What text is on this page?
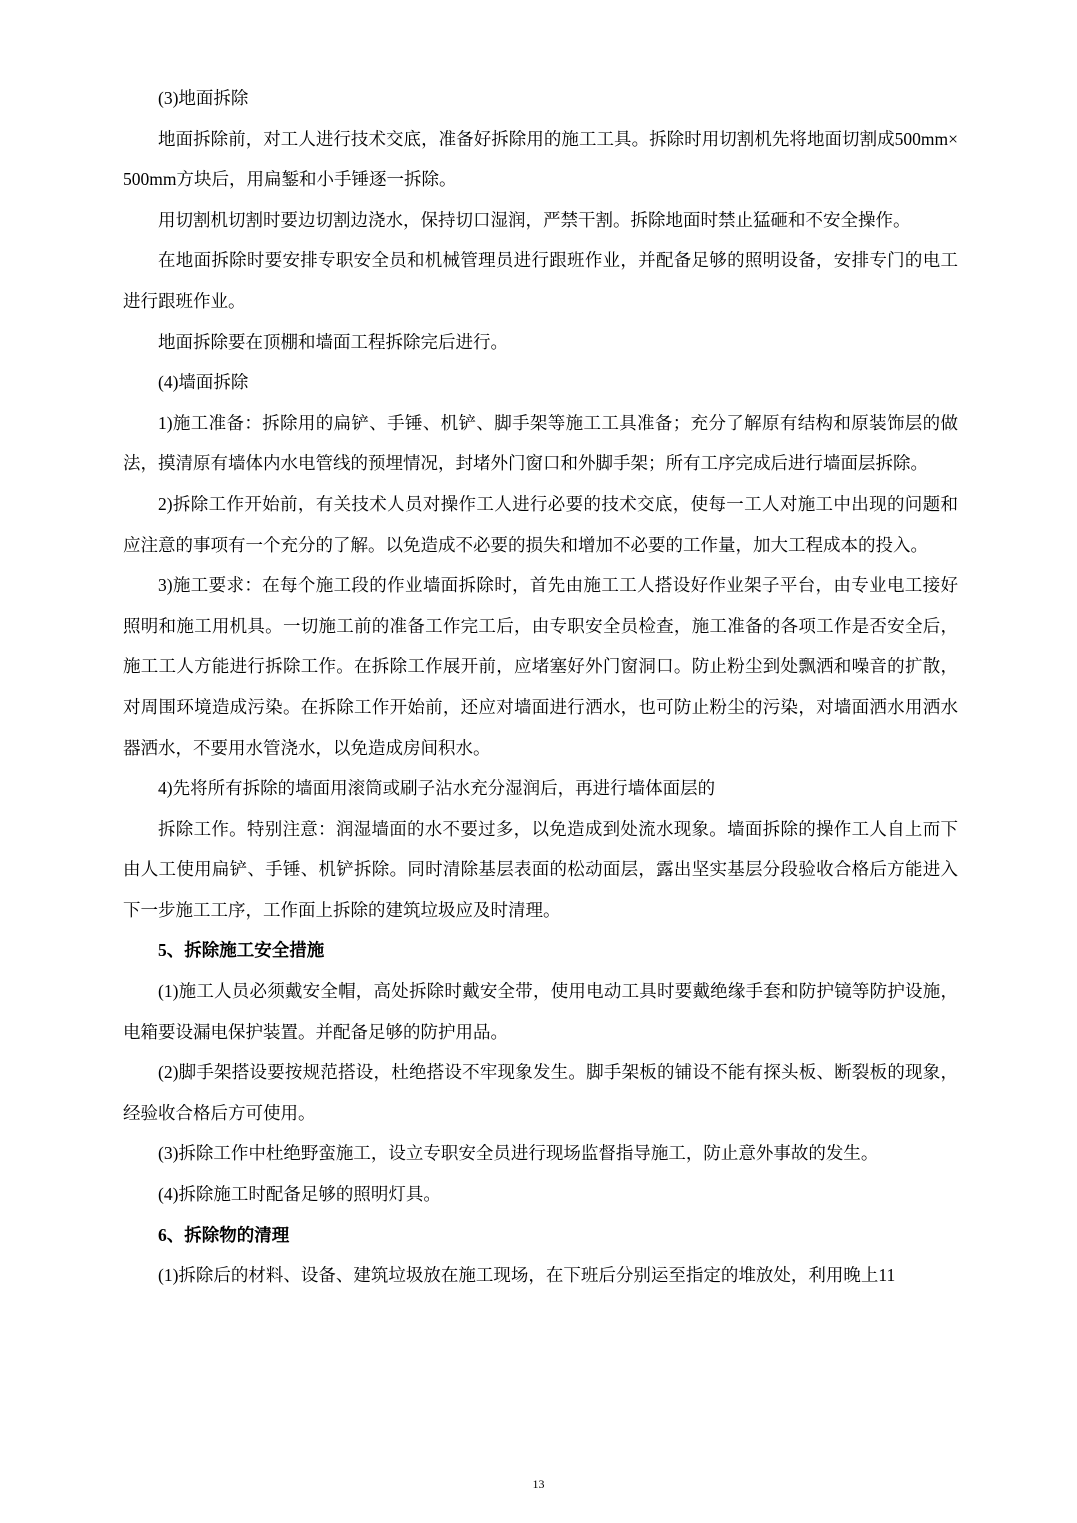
(3)地面拆除

地面拆除前，对工人进行技术交底，准备好拆除用的施工工具。拆除时用切割机先将地面切割成500mm×500mm方块后，用扁錾和小手锤逐一拆除。

用切割机切割时要边切割边浇水，保持切口湿润，严禁干割。拆除地面时禁止猛砸和不安全操作。

在地面拆除时要安排专职安全员和机械管理员进行跟班作业，并配备足够的照明设备，安排专门的电工进行跟班作业。

地面拆除要在顶棚和墙面工程拆除完后进行。

(4)墙面拆除

1)施工准备：拆除用的扁铲、手锤、机铲、脚手架等施工工具准备；充分了解原有结构和原装饰层的做法，摸清原有墙体内水电管线的预埋情况，封堵外门窗口和外脚手架；所有工序完成后进行墙面层拆除。

2)拆除工作开始前，有关技术人员对操作工人进行必要的技术交底，使每一工人对施工中出现的问题和应注意的事项有一个充分的了解。以免造成不必要的损失和增加不必要的工作量，加大工程成本的投入。

3)施工要求：在每个施工段的作业墙面拆除时，首先由施工工人搭设好作业架子平台，由专业电工接好照明和施工用机具。一切施工前的准备工作完工后，由专职安全员检查，施工准备的各项工作是否安全后，施工工人方能进行拆除工作。在拆除工作展开前，应堵塞好外门窗洞口。防止粉尘到处飘洒和噪音的扩散，对周围环境造成污染。在拆除工作开始前，还应对墙面进行洒水，也可防止粉尘的污染，对墙面洒水用洒水器洒水，不要用水管浇水，以免造成房间积水。

4)先将所有拆除的墙面用滚筒或刷子沾水充分湿润后，再进行墙体面层的

拆除工作。特别注意：润湿墙面的水不要过多，以免造成到处流水现象。墙面拆除的操作工人自上而下由人工使用扁铲、手锤、机铲拆除。同时清除基层表面的松动面层，露出坚实基层分段验收合格后方能进入下一步施工工序，工作面上拆除的建筑垃圾应及时清理。

5、拆除施工安全措施

(1)施工人员必须戴安全帽，高处拆除时戴安全带，使用电动工具时要戴绝缘手套和防护镜等防护设施，电箱要设漏电保护装置。并配备足够的防护用品。

(2)脚手架搭设要按规范搭设，杜绝搭设不牢现象发生。脚手架板的铺设不能有探头板、断裂板的现象，经验收合格后方可使用。

(3)拆除工作中杜绝野蛮施工，设立专职安全员进行现场监督指导施工，防止意外事故的发生。

(4)拆除施工时配备足够的照明灯具。

6、拆除物的清理

(1)拆除后的材料、设备、建筑垃圾放在施工现场，在下班后分别运至指定的堆放处，利用晚上11

13
